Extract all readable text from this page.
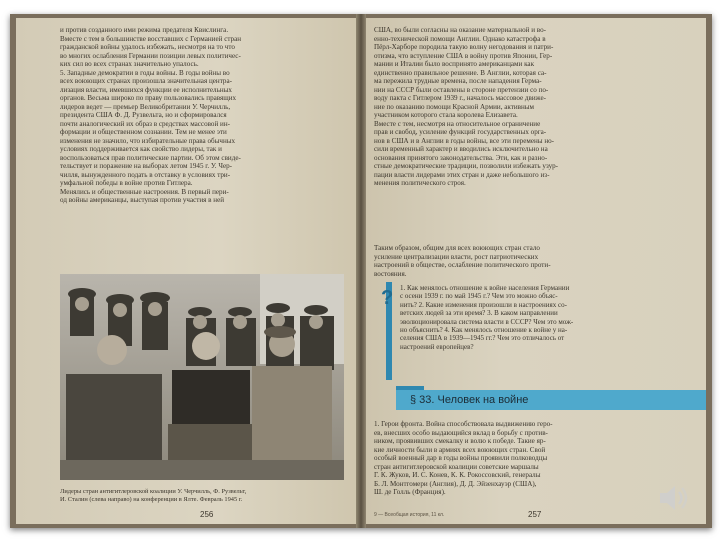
и против созданного ими режима предателя Квислинга.
Вместе с тем в большинстве восставших с Германией стран
гражданской войны удалось избежать, несмотря на то что
во многих ослабления Германии позиции левых политичес-
ких сил во всех странах значительно упалось.
5. Западные демократии в годы войны. В годы войны во
всех воюющих странах произошла значительная центра-
лизация власти, имевшихся функции ее исполнительных
органов. Весьма широко по праву пользовались правящих
лидеров ведет — премьер Великобритании У. Черчилль,
президента США Ф. Д. Рузвельта, но и сформировался
почти аналогический их образ в средствах массовой ин-
формации и общественном сознании. Тем не менее эти
изменения не значило, что избирательные права обычных
условиях поддерживается как свойство лидеры, так и
воспользоваться прав политические партии. Об этом свиде-
тельствует и поражение на выборах летом 1945 г. У. Чер-
чилля, вынужденного подать в отставку в условиях три-
умфальной победы в войне против Гитлера.
Менялись и общественные настроения. В первый пери-
од войны американцы, выступая против участия в ней
Лидеры стран антигитлеровской коалиции У. Черчилль, Ф. Рузвельт,
И. Сталин (слева направо) на конференции в Ялте. Февраль 1945 г.
256
США, во были согласны на оказание материальной и во-
енно-технической помощи Англии. Однако катастрофа в
Пёрл-Харборе породила такую волну негодования и патри-
отизма, что вступление США в войну против Японии, Гер-
мании и Италии было воспринято американцами как
единственно правильное решение. В Англии, которая са-
ма пережила трудные времена, после нападения Герма-
нии на СССР были оставлены в стороне претензии со по-
воду пакта с Гитлером 1939 г., началось массовое движе-
ние по оказанию помощи Красной Армии, активным
участником которого стала королева Елизавета.
Вместе с тем, несмотря на относительное ограничение
прав и свобод, усиление функций государственных орга-
нов в США и в Англии в годы войны, все эти перемены но-
сили временный характер и вводились исключительно на
основания принятого законодательства. Эти, как и разно-
стные демократические традиции, позволили избежать узур-
пации власти лидерами этих стран и даже небольшого из-
менения политического строя.
Таким образом, общим для всех воюющих стран стало
усиление централизации власти, рост патриотических
настроений в обществе, ослабление политического проти-
востояния.
? 1. Как менялось отношение к войне населения Германии
с осени 1939 г. по май 1945 г.? Чем это можно объяс-
нить? 2. Какие изменения произошли в настроениях со-
ветских людей за эти время? 3. В каком направлении
эволюционировала система власти в СССР? Чем это мож-
но объяснить? 4. Как менялось отношение к войне у на-
селения США в 1939—1945 гг.? Чем это отличалось от
настроений европейцев?
§ 33. Человек на войне
1. Герои фронта. Война способствовала выдвижению геро-
ев, внесших особо выдающийся вклад в борьбу с против-
ником, проявивших смекалку и волю к победе. Такие яр-
кие личности были в армиях всех воюющих стран. Свой
особый военный дар в годы войны проявили полководцы
стран антигитлеровской коалиции советские маршалы
Г. К. Жуков, И. С. Конев, К. К. Рокоссовский, генералы
Б. Л. Монтгомери (Англия), Д. Д. Эйзенхауэр (США),
Ш. де Голль (Франция).
9 — Всеобщая история, 11 кл.	257
